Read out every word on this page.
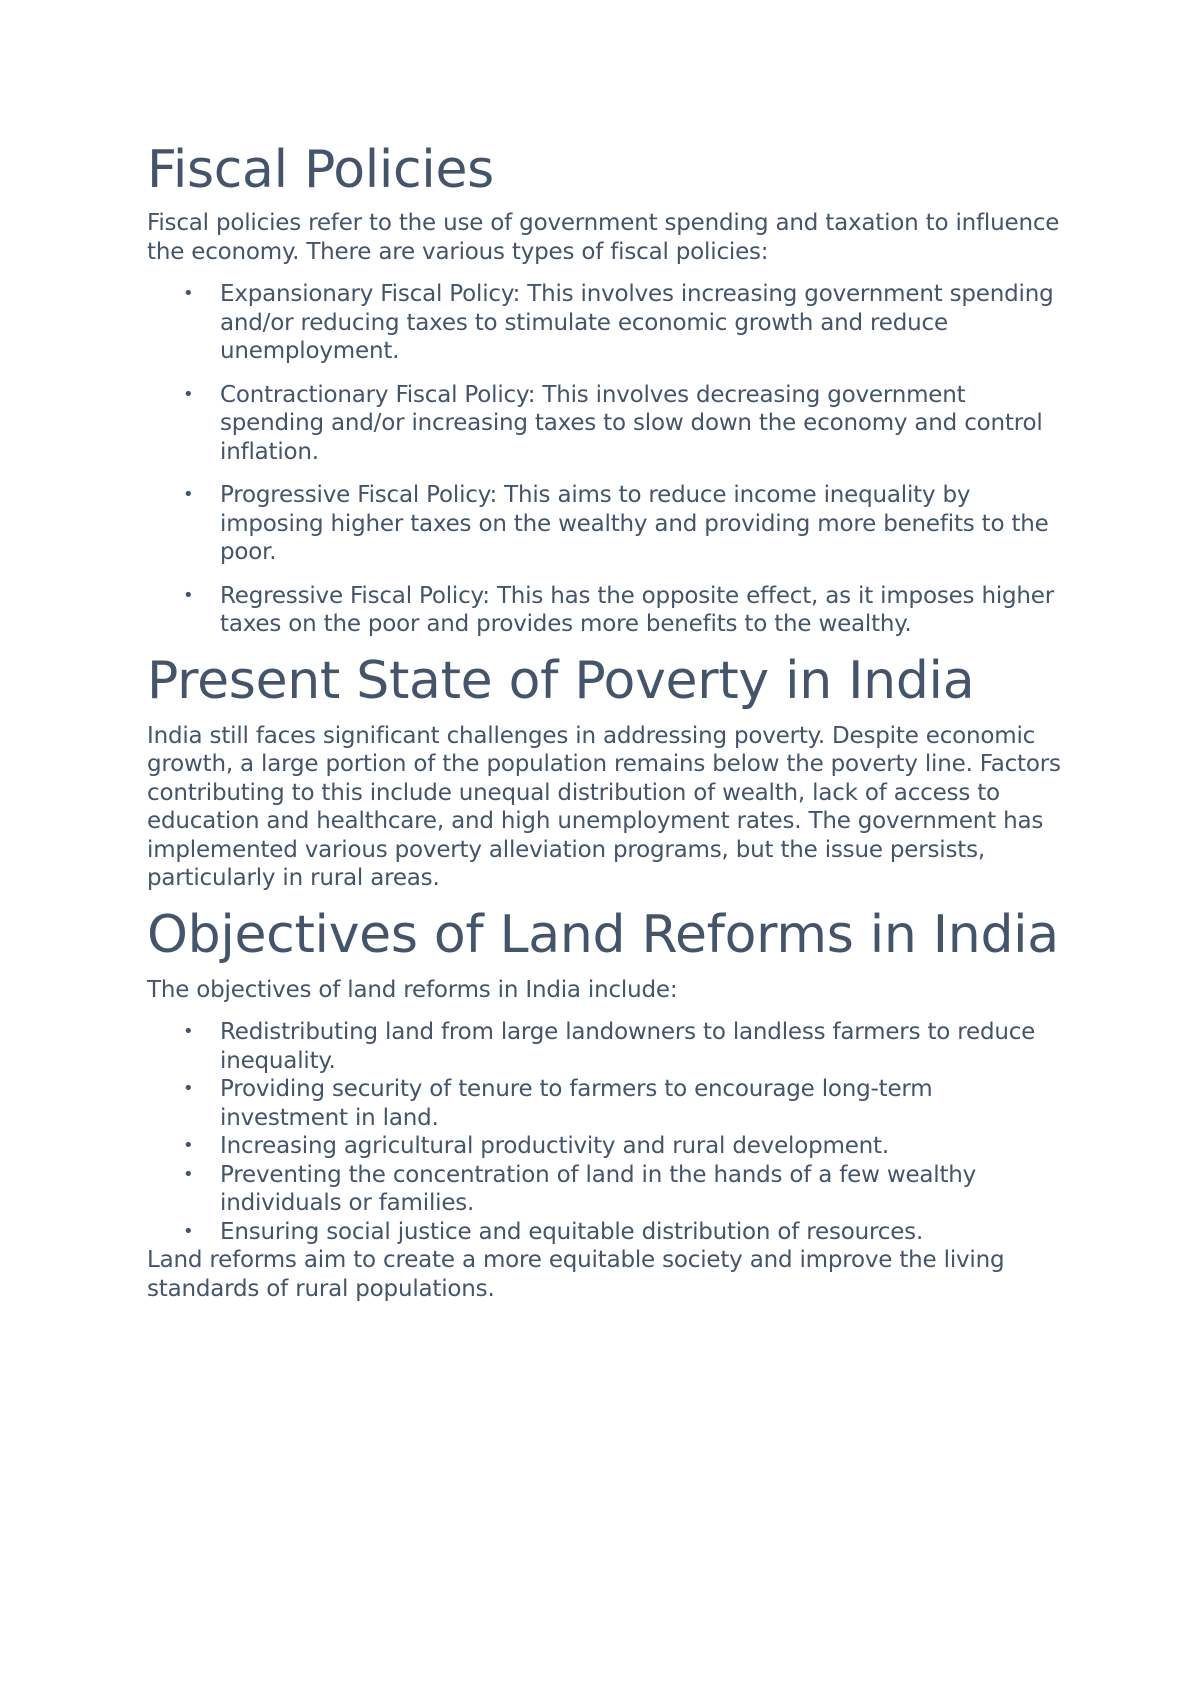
Fiscal Policies

Fiscal policies refer to the use of government spending and taxation to influence the economy. There are various types of fiscal policies:

• Expansionary Fiscal Policy: This involves increasing government spending and/or reducing taxes to stimulate economic growth and reduce unemployment.
• Contractionary Fiscal Policy: This involves decreasing government spending and/or increasing taxes to slow down the economy and control inflation.
• Progressive Fiscal Policy: This aims to reduce income inequality by imposing higher taxes on the wealthy and providing more benefits to the poor.
• Regressive Fiscal Policy: This has the opposite effect, as it imposes higher taxes on the poor and provides more benefits to the wealthy.
Present State of Poverty in India

India still faces significant challenges in addressing poverty. Despite economic growth, a large portion of the population remains below the poverty line. Factors contributing to this include unequal distribution of wealth, lack of access to education and healthcare, and high unemployment rates. The government has implemented various poverty alleviation programs, but the issue persists, particularly in rural areas.

Objectives of Land Reforms in India

The objectives of land reforms in India include:

• Redistributing land from large landowners to landless farmers to reduce inequality.
• Providing security of tenure to farmers to encourage long-term investment in land.
• Increasing agricultural productivity and rural development.
• Preventing the concentration of land in the hands of a few wealthy individuals or families.
• Ensuring social justice and equitable distribution of resources.

Land reforms aim to create a more equitable society and improve the living standards of rural populations.
